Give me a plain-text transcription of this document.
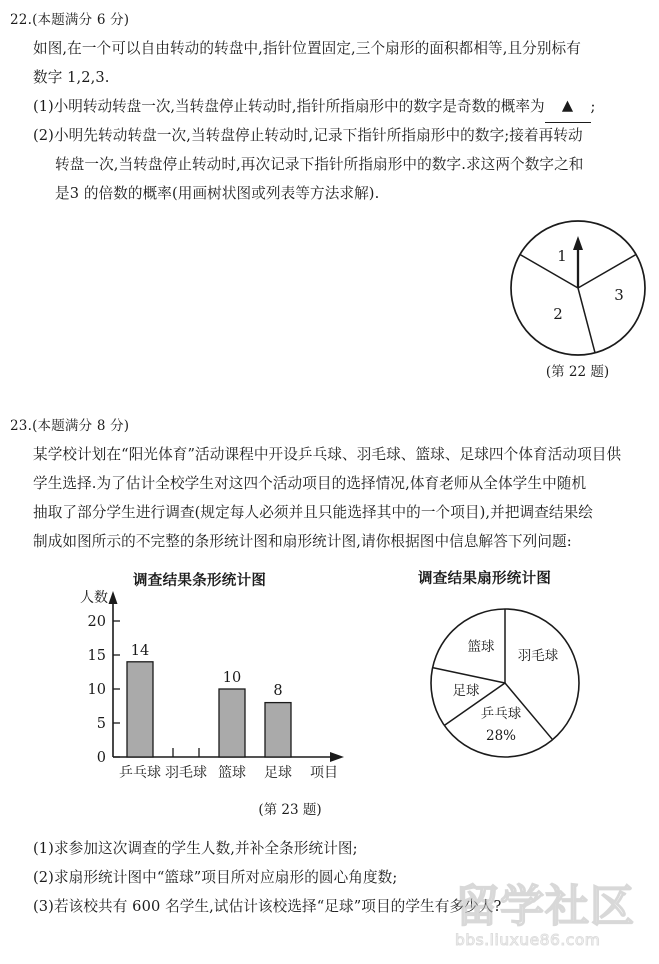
22.(本题满分 6 分)
如图,在一个可以自由转动的转盘中,指针位置固定,三个扇形的面积都相等,且分别标有
数字 1,2,3.
(1)小明转动转盘一次,当转盘停止转动时,指针所指扇形中的数字是奇数的概率为 ▲ ;
(2)小明先转动转盘一次,当转盘停止转动时,记录下指针所指扇形中的数字;接着再转动
转盘一次,当转盘停止转动时,再次记录下指针所指扇形中的数字.求这两个数字之和
是3 的倍数的概率(用画树状图或列表等方法求解).
1
2
3
(第 22 题)
23.(本题满分 8 分)
某学校计划在“阳光体育”活动课程中开设乒乓球、羽毛球、篮球、足球四个体育活动项目供
学生选择.为了估计全校学生对这四个活动项目的选择情况,体育老师从全体学生中随机
抽取了部分学生进行调查(规定每人必须并且只能选择其中的一个项目),并把调查结果绘
制成如图所示的不完整的条形统计图和扇形统计图,请你根据图中信息解答下列问题:
调查结果条形统计图
人数
0
5
10
15
20
14
10
8
乒乓球 羽毛球 篮球 足球 项目
(第 23 题)
调查结果扇形统计图
羽毛球
乒乓球
28%
足球
篮球
(1)求参加这次调查的学生人数,并补全条形统计图;
(2)求扇形统计图中“篮球”项目所对应扇形的圆心角度数;
(3)若该校共有 600 名学生,试估计该校选择“足球”项目的学生有多少人?
留学社区
bbs.liuxue86.com
